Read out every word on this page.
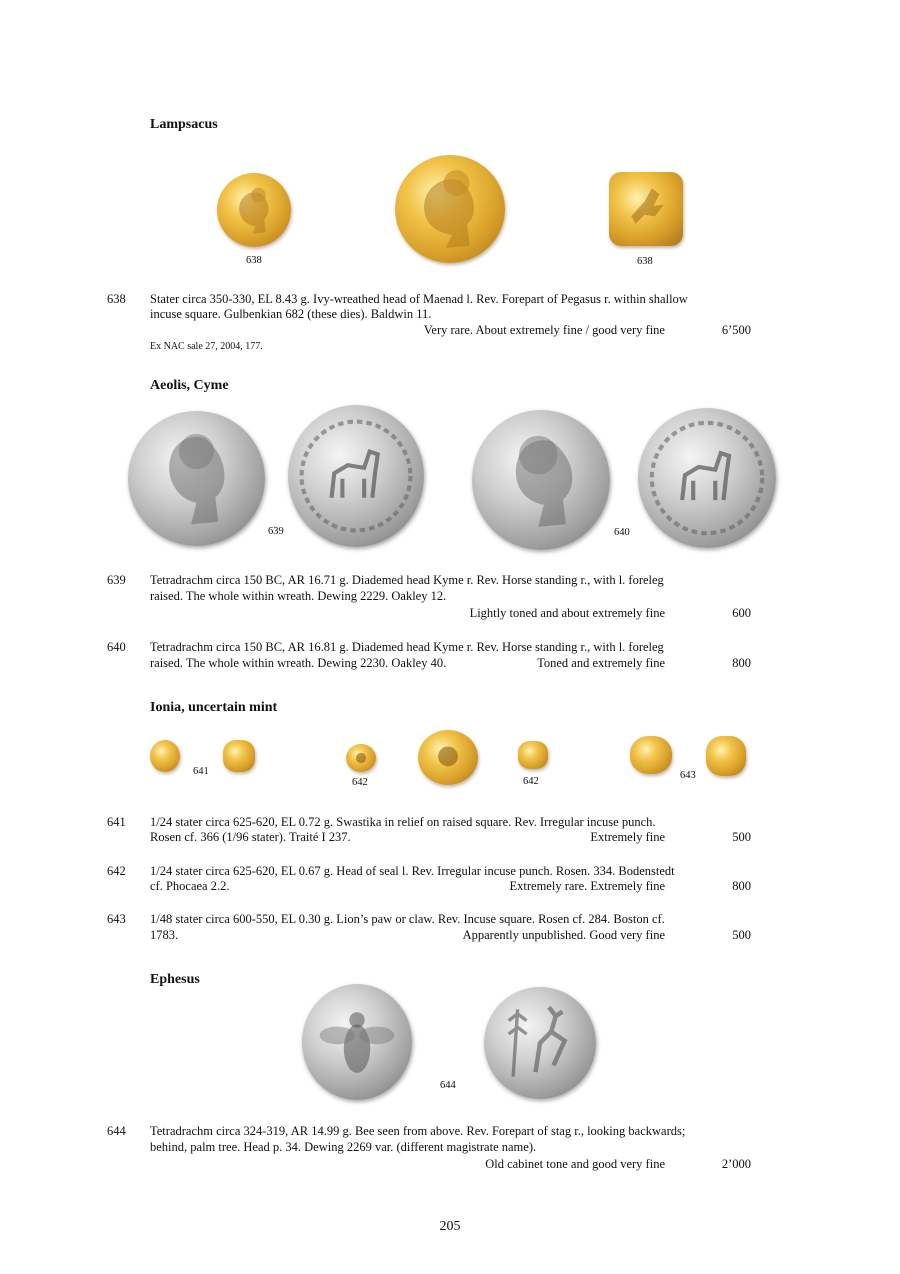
Lampsacus
638	638
638 Stater circa 350-330, EL 8.43 g. Ivy-wreathed head of Maenad l. Rev. Forepart of Pegasus r. within shallow
incuse square. Gulbenkian 682 (these dies). Baldwin 11.
Very rare. About extremely fine / good very fine	6’500
Ex NAC sale 27, 2004, 177.
Aeolis, Cyme
639	640
639 Tetradrachm circa 150 BC, AR 16.71 g. Diademed head Kyme r. Rev. Horse standing r., with l. foreleg
raised. The whole within wreath. Dewing 2229. Oakley 12.
Lightly toned and about extremely fine	600
640 Tetradrachm circa 150 BC, AR 16.81 g. Diademed head Kyme r. Rev. Horse standing r., with l. foreleg
raised. The whole within wreath. Dewing 2230. Oakley 40.	Toned and extremely fine	800
Ionia, uncertain mint
641
642	642
643
641 1/24 stater circa 625-620, EL 0.72 g. Swastika in relief on raised square. Rev. Irregular incuse punch.
Rosen cf. 366 (1/96 stater). Traité I 237.	Extremely fine	500
642 1/24 stater circa 625-620, EL 0.67 g. Head of seal l. Rev. Irregular incuse punch. Rosen. 334. Bodenstedt
cf. Phocaea 2.2.	Extremely rare. Extremely fine	800
643 1/48 stater circa 600-550, EL 0.30 g. Lion’s paw or claw. Rev. Incuse square. Rosen cf. 284. Boston cf.
1783.	Apparently unpublished. Good very fine	500
Ephesus
644
644 Tetradrachm circa 324-319, AR 14.99 g. Bee seen from above. Rev. Forepart of stag r., looking backwards;
behind, palm tree. Head p. 34. Dewing 2269 var. (different magistrate name).
Old cabinet tone and good very fine	2’000
205
